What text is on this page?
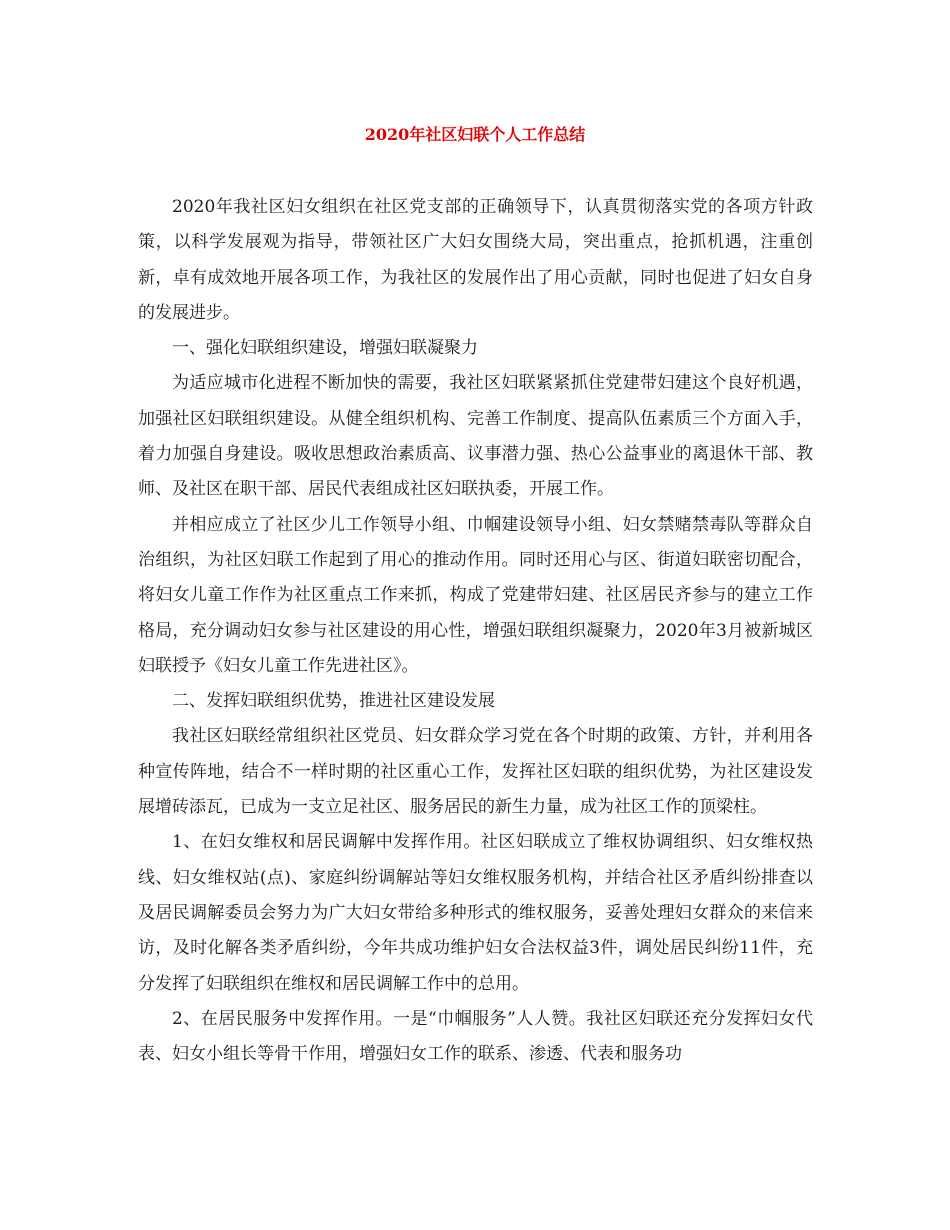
2020年社区妇联个人工作总结

2020年我社区妇女组织在社区党支部的正确领导下，认真贯彻落实党的各项方针政策，以科学发展观为指导，带领社区广大妇女围绕大局，突出重点，抢抓机遇，注重创新，卓有成效地开展各项工作，为我社区的发展作出了用心贡献，同时也促进了妇女自身的发展进步。

一、强化妇联组织建设，增强妇联凝聚力

为适应城市化进程不断加快的需要，我社区妇联紧紧抓住党建带妇建这个良好机遇，加强社区妇联组织建设。从健全组织机构、完善工作制度、提高队伍素质三个方面入手，着力加强自身建设。吸收思想政治素质高、议事潜力强、热心公益事业的离退休干部、教师、及社区在职干部、居民代表组成社区妇联执委，开展工作。

并相应成立了社区少儿工作领导小组、巾帼建设领导小组、妇女禁赌禁毒队等群众自治组织，为社区妇联工作起到了用心的推动作用。同时还用心与区、街道妇联密切配合，将妇女儿童工作作为社区重点工作来抓，构成了党建带妇建、社区居民齐参与的建立工作格局，充分调动妇女参与社区建设的用心性，增强妇联组织凝聚力，2020年3月被新城区妇联授予《妇女儿童工作先进社区》。

二、发挥妇联组织优势，推进社区建设发展

我社区妇联经常组织社区党员、妇女群众学习党在各个时期的政策、方针，并利用各种宣传阵地，结合不一样时期的社区重心工作，发挥社区妇联的组织优势，为社区建设发展增砖添瓦，已成为一支立足社区、服务居民的新生力量，成为社区工作的顶梁柱。

1、在妇女维权和居民调解中发挥作用。社区妇联成立了维权协调组织、妇女维权热线、妇女维权站(点)、家庭纠纷调解站等妇女维权服务机构，并结合社区矛盾纠纷排查以及居民调解委员会努力为广大妇女带给多种形式的维权服务，妥善处理妇女群众的来信来访，及时化解各类矛盾纠纷，今年共成功维护妇女合法权益3件，调处居民纠纷11件，充分发挥了妇联组织在维权和居民调解工作中的总用。

2、在居民服务中发挥作用。一是“巾帼服务”人人赞。我社区妇联还充分发挥妇女代表、妇女小组长等骨干作用，增强妇女工作的联系、渗透、代表和服务功
